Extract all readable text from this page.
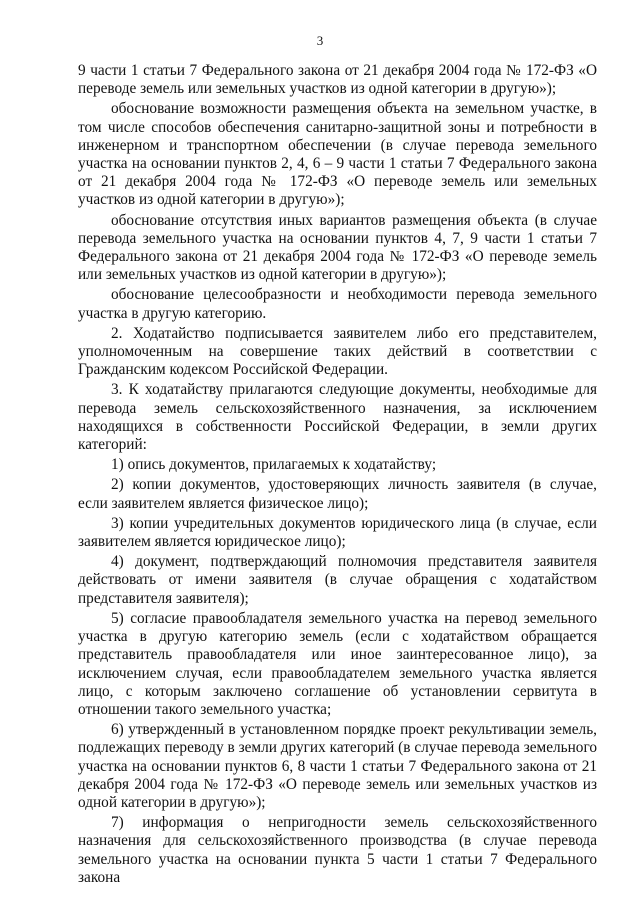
3

9 части 1 статьи 7 Федерального закона от 21 декабря 2004 года № 172-ФЗ «О переводе земель или земельных участков из одной категории в другую»);

обоснование возможности размещения объекта на земельном участке, в том числе способов обеспечения санитарно-защитной зоны и потребности в инженерном и транспортном обеспечении (в случае перевода земельного участка на основании пунктов 2, 4, 6 – 9 части 1 статьи 7 Федерального закона от 21 декабря 2004 года № 172-ФЗ «О переводе земель или земельных участков из одной категории в другую»);

обоснование отсутствия иных вариантов размещения объекта (в случае перевода земельного участка на основании пунктов 4, 7, 9 части 1 статьи 7 Федерального закона от 21 декабря 2004 года № 172-ФЗ «О переводе земель или земельных участков из одной категории в другую»);

обоснование целесообразности и необходимости перевода земельного участка в другую категорию.

2. Ходатайство подписывается заявителем либо его представителем, уполномоченным на совершение таких действий в соответствии с Гражданским кодексом Российской Федерации.

3. К ходатайству прилагаются следующие документы, необходимые для перевода земель сельскохозяйственного назначения, за исключением находящихся в собственности Российской Федерации, в земли других категорий:

1) опись документов, прилагаемых к ходатайству;

2) копии документов, удостоверяющих личность заявителя (в случае, если заявителем является физическое лицо);

3) копии учредительных документов юридического лица (в случае, если заявителем является юридическое лицо);

4) документ, подтверждающий полномочия представителя заявителя действовать от имени заявителя (в случае обращения с ходатайством представителя заявителя);

5) согласие правообладателя земельного участка на перевод земельного участка в другую категорию земель (если с ходатайством обращается представитель правообладателя или иное заинтересованное лицо), за исключением случая, если правообладателем земельного участка является лицо, с которым заключено соглашение об установлении сервитута в отношении такого земельного участка;

6) утвержденный в установленном порядке проект рекультивации земель, подлежащих переводу в земли других категорий (в случае перевода земельного участка на основании пунктов 6, 8 части 1 статьи 7 Федерального закона от 21 декабря 2004 года № 172-ФЗ «О переводе земель или земельных участков из одной категории в другую»);

7) информация о непригодности земель сельскохозяйственного назначения для сельскохозяйственного производства (в случае перевода земельного участка на основании пункта 5 части 1 статьи 7 Федерального закона
